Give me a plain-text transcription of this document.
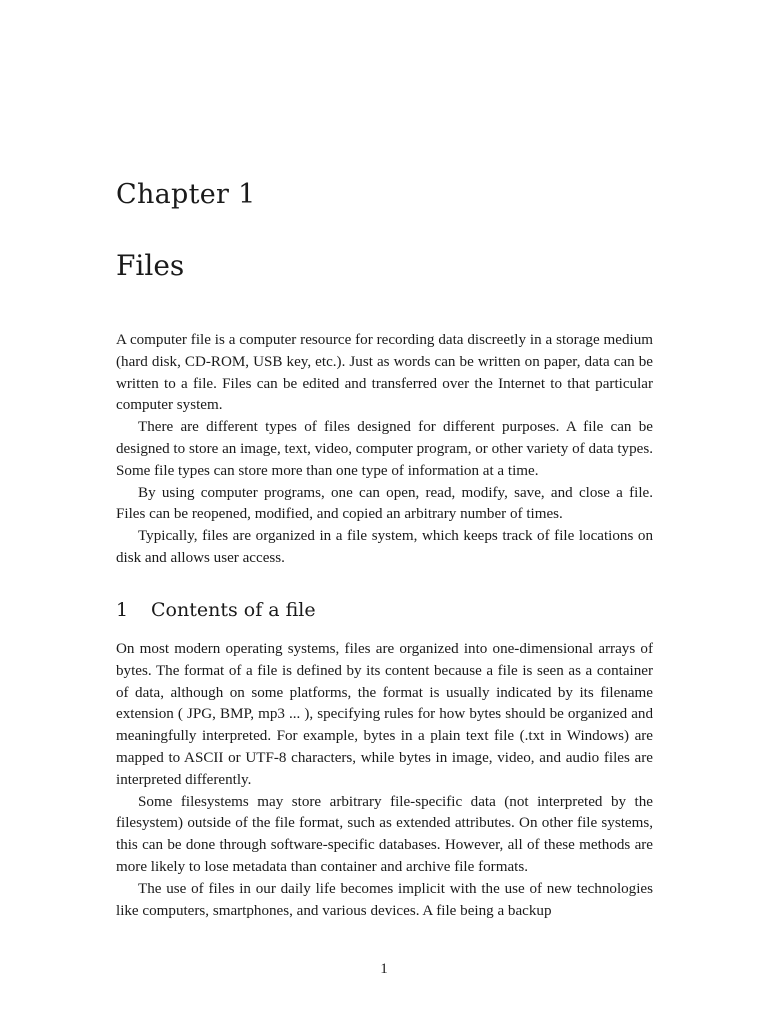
Chapter 1
Files

A computer file is a computer resource for recording data discreetly in a storage medium (hard disk, CD-ROM, USB key, etc.). Just as words can be written on paper, data can be written to a file. Files can be edited and transferred over the Internet to that particular computer system.

There are different types of files designed for different purposes. A file can be designed to store an image, text, video, computer program, or other variety of data types. Some file types can store more than one type of information at a time.

By using computer programs, one can open, read, modify, save, and close a file. Files can be reopened, modified, and copied an arbitrary number of times.

Typically, files are organized in a file system, which keeps track of file locations on disk and allows user access.

1 Contents of a file

On most modern operating systems, files are organized into one-dimensional arrays of bytes. The format of a file is defined by its content because a file is seen as a container of data, although on some platforms, the format is usually indicated by its filename extension ( JPG, BMP, mp3 ... ), specifying rules for how bytes should be organized and meaningfully interpreted. For example, bytes in a plain text file (.txt in Windows) are mapped to ASCII or UTF-8 characters, while bytes in image, video, and audio files are interpreted differently.

Some filesystems may store arbitrary file-specific data (not interpreted by the filesystem) outside of the file format, such as extended attributes. On other file systems, this can be done through software-specific databases. However, all of these methods are more likely to lose metadata than container and archive file formats.

The use of files in our daily life becomes implicit with the use of new technologies like computers, smartphones, and various devices. A file being a backup

1
